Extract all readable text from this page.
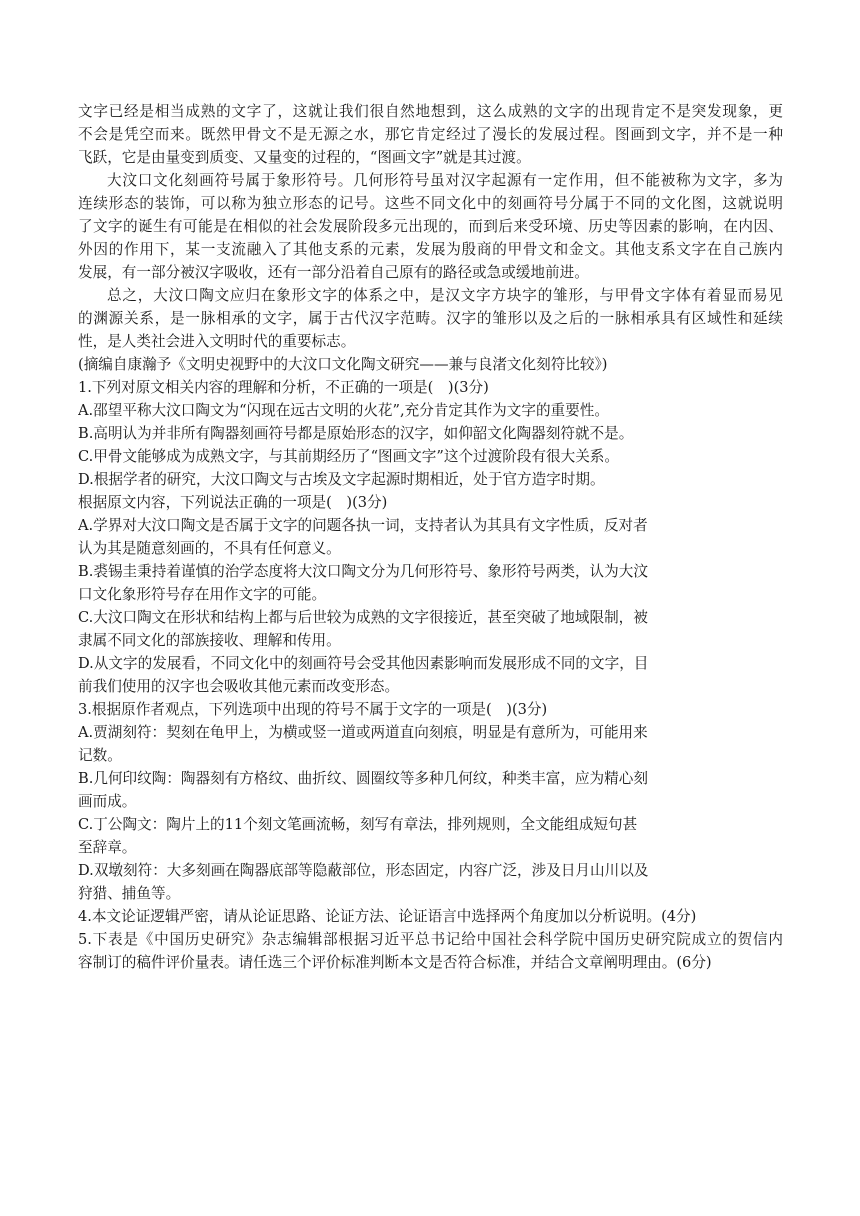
文字已经是相当成熟的文字了，这就让我们很自然地想到，这么成熟的文字的出现肯定不是突发现象，更
不会是凭空而来。既然甲骨文不是无源之水，那它肯定经过了漫长的发展过程。图画到文字，并不是一种
飞跃，它是由量变到质变、又量变的过程的，“图画文字”就是其过渡。
大汶口文化刻画符号属于象形符号。几何形符号虽对汉字起源有一定作用，但不能被称为文字，多为
连续形态的装饰，可以称为独立形态的记号。这些不同文化中的刻画符号分属于不同的文化图，这就说明
了文字的诞生有可能是在相似的社会发展阶段多元出现的，而到后来受环境、历史等因素的影响，在内因、
外因的作用下，某一支流融入了其他支系的元素，发展为殷商的甲骨文和金文。其他支系文字在自己族内
发展，有一部分被汉字吸收，还有一部分沿着自己原有的路径或急或缓地前进。
总之，大汶口陶文应归在象形文字的体系之中，是汉文字方块字的雏形，与甲骨文字体有着显而易见
的渊源关系，是一脉相承的文字，属于古代汉字范畴。汉字的雏形以及之后的一脉相承具有区域性和延续
性，是人类社会进入文明时代的重要标志。
(摘编自康瀚予《文明史视野中的大汶口文化陶文研究——兼与良渚文化刻符比较》)
1.下列对原文相关内容的理解和分析，不正确的一项是(　)(3分)
A.邵望平称大汶口陶文为“闪现在远古文明的火花”,充分肯定其作为文字的重要性。
B.高明认为并非所有陶器刻画符号都是原始形态的汉字，如仰韶文化陶器刻符就不是。
C.甲骨文能够成为成熟文字，与其前期经历了“图画文字”这个过渡阶段有很大关系。
D.根据学者的研究，大汶口陶文与古埃及文字起源时期相近，处于官方造字时期。
根据原文内容，下列说法正确的一项是(　)(3分)
A.学界对大汶口陶文是否属于文字的问题各执一词，支持者认为其具有文字性质，反对者
认为其是随意刻画的，不具有任何意义。
B.裘锡圭秉持着谨慎的治学态度将大汶口陶文分为几何形符号、象形符号两类，认为大汶
口文化象形符号存在用作文字的可能。
C.大汶口陶文在形状和结构上都与后世较为成熟的文字很接近，甚至突破了地域限制，被
隶属不同文化的部族接收、理解和传用。
D.从文字的发展看，不同文化中的刻画符号会受其他因素影响而发展形成不同的文字，目
前我们使用的汉字也会吸收其他元素而改变形态。
3.根据原作者观点，下列选项中出现的符号不属于文字的一项是(　)(3分)
A.贾湖刻符：契刻在龟甲上，为横或竖一道或两道直向刻痕，明显是有意所为，可能用来
记数。
B.几何印纹陶：陶器刻有方格纹、曲折纹、圆圈纹等多种几何纹，种类丰富，应为精心刻
画而成。
C.丁公陶文：陶片上的11个刻文笔画流畅，刻写有章法，排列规则，全文能组成短句甚
至辞章。
D.双墩刻符：大多刻画在陶器底部等隐蔽部位，形态固定，内容广泛，涉及日月山川以及
狩猎、捕鱼等。
4.本文论证逻辑严密，请从论证思路、论证方法、论证语言中选择两个角度加以分析说明。(4分)
5.下表是《中国历史研究》杂志编辑部根据习近平总书记给中国社会科学院中国历史研究院成立的贺信内
容制订的稿件评价量表。请任选三个评价标准判断本文是否符合标准，并结合文章阐明理由。(6分)
